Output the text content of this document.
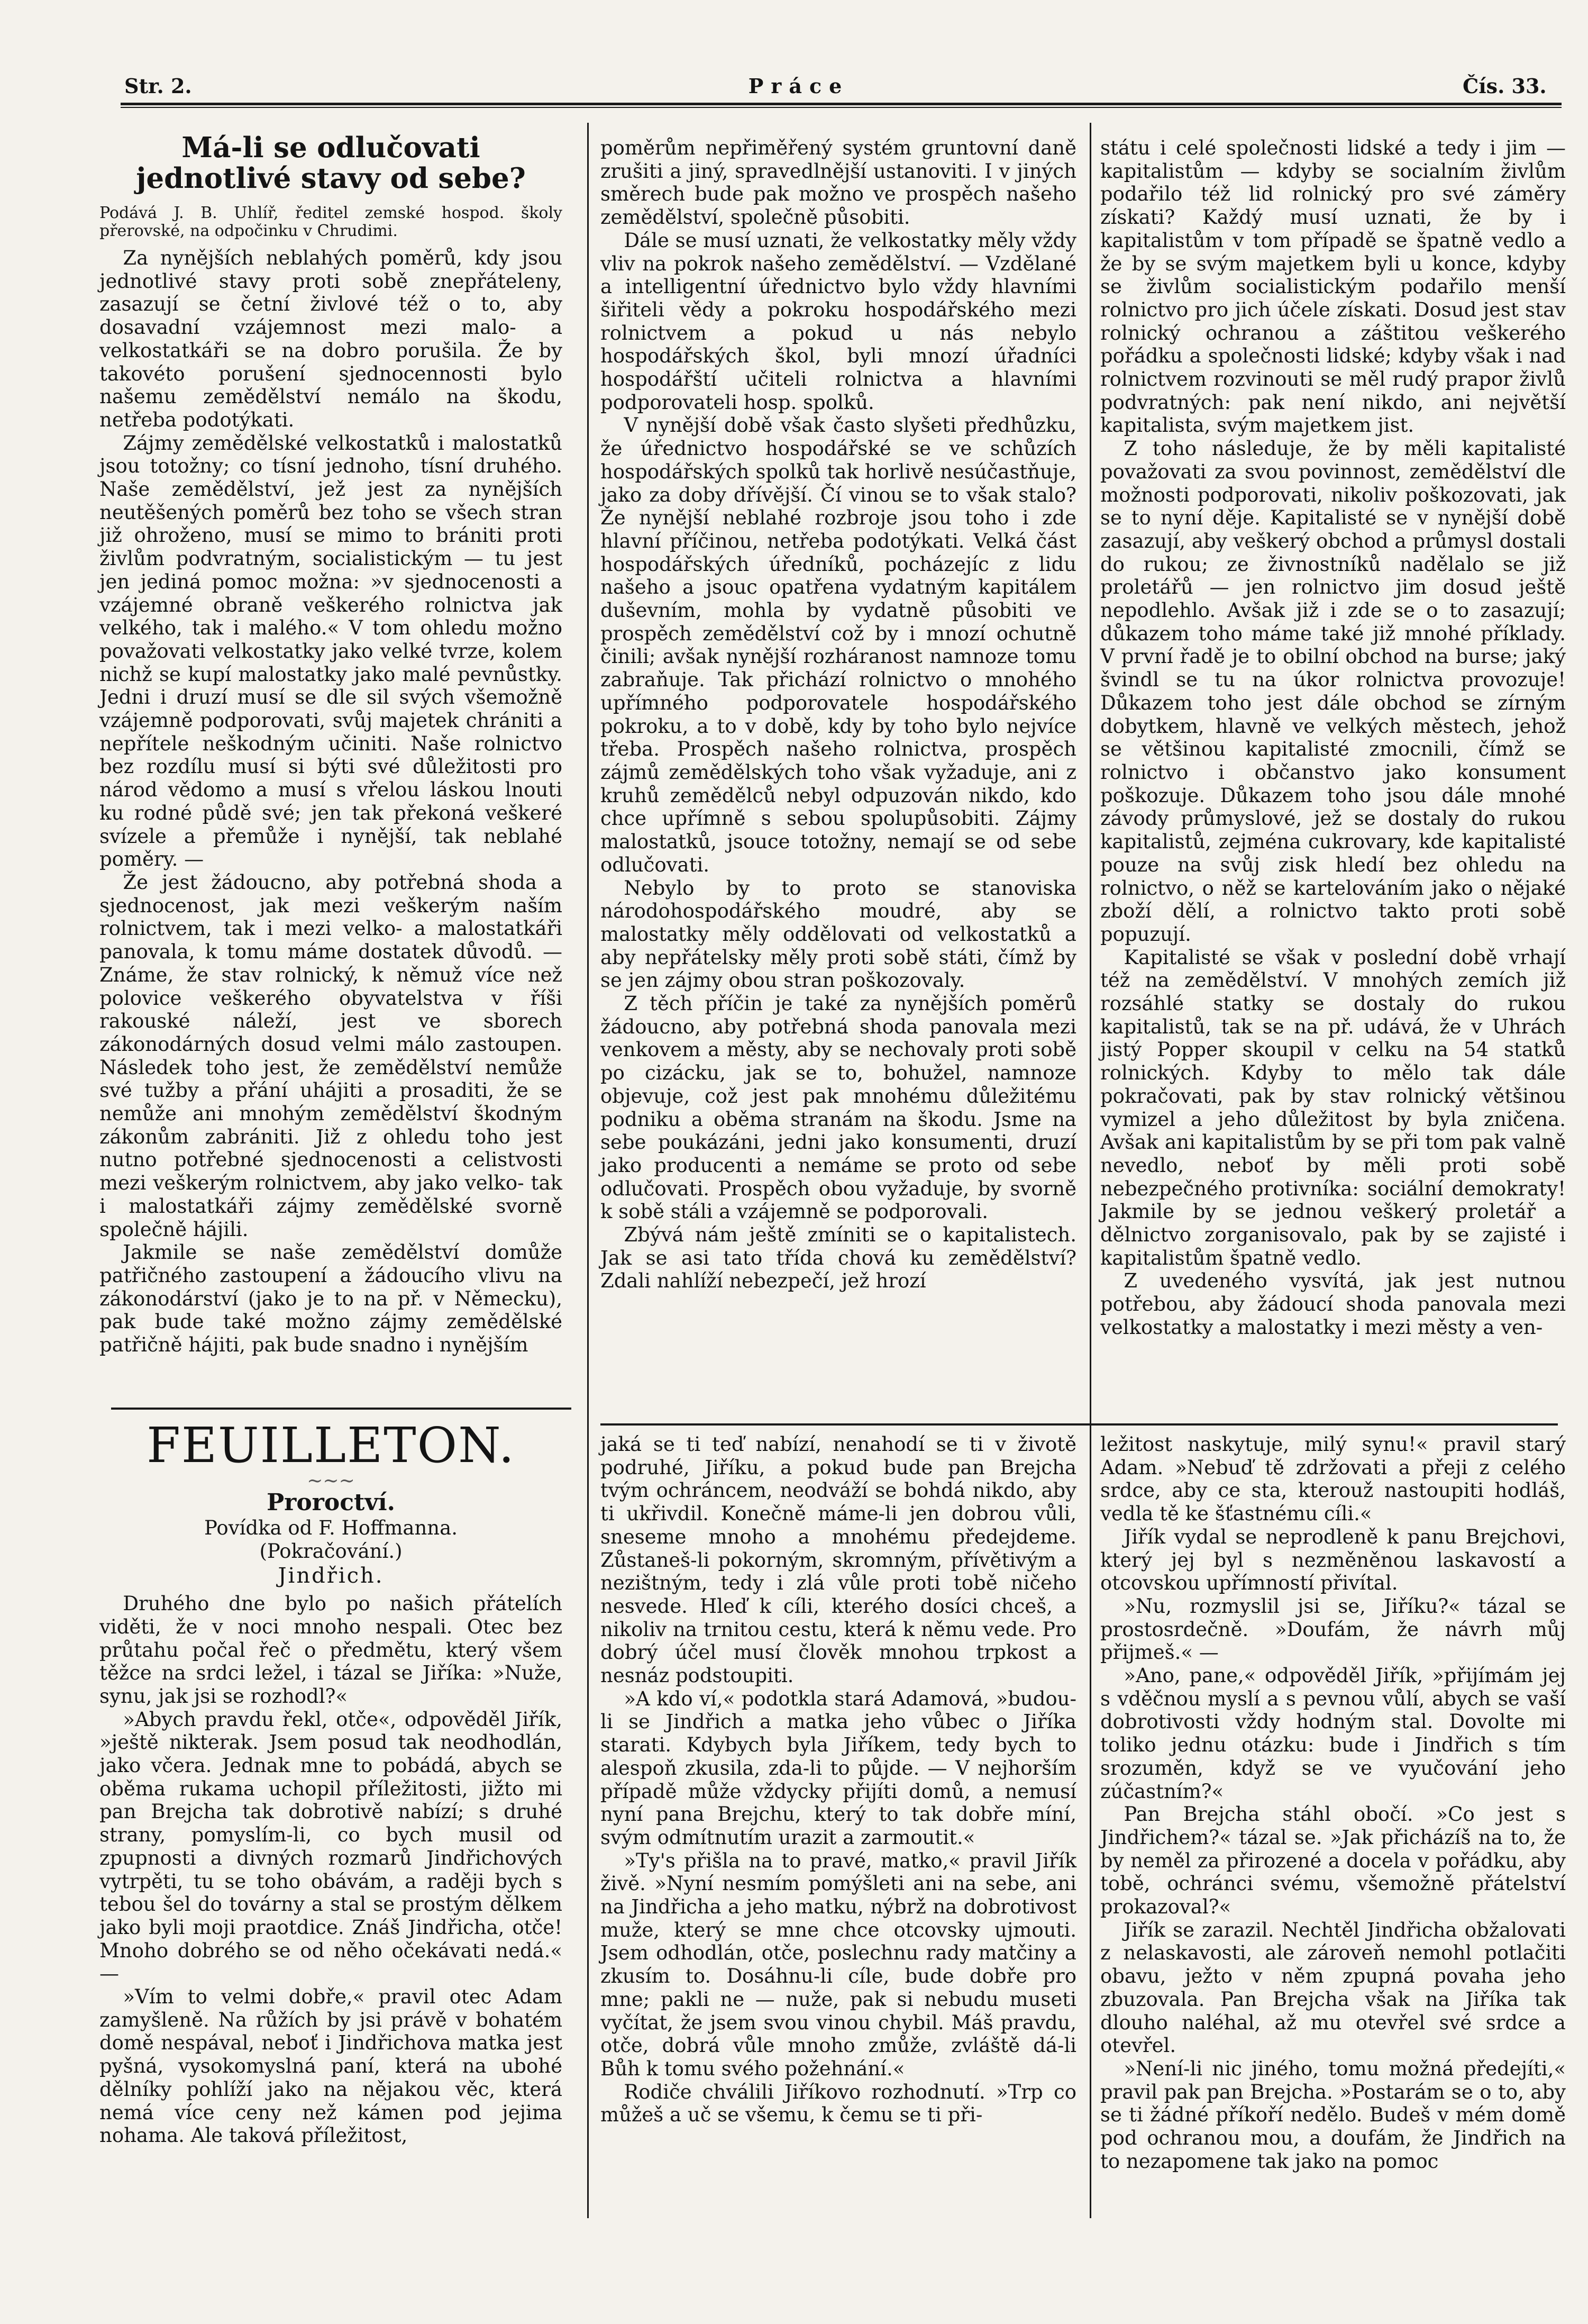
Str. 2.	Práce	Čís. 33.
Má-li se odlučovati jednotlivé stavy od sebe?
Podává J. B. Uhlíř, ředitel zemské hospod. školy přerovské, na odpočinku v Chrudimi.

Za nynějších neblahých poměrů, kdy jsou jednotlivé stavy proti sobě znepřáteleny, zasazují se četní živlové též o to, aby dosavadní vzájemnost mezi malo- a velkostatkáři se na dobro porušila. Že by takovéto porušení sjednocennosti bylo našemu zemědělství nemálo na škodu, netřeba podotýkati.

Zájmy zemědělské velkostatků i malostatků jsou totožny; co tísní jednoho, tísní druhého. Naše zemědělství, jež jest za nynějších neutěšených poměrů bez toho se všech stran již ohroženo, musí se mimo to brániti proti živlům podvratným, socialistickým — tu jest jen jediná pomoc možna: »v sjednocenosti a vzájemné obraně veškerého rolnictva jak velkého, tak i malého.« V tom ohledu možno považovati velkostatky jako velké tvrze, kolem nichž se kupí malostatky jako malé pevnůstky. Jedni i druzí musí se dle sil svých všemožně vzájemně podporovati, svůj majetek chrániti a nepřítele neškodným učiniti. Naše rolnictvo bez rozdílu musí si býti své důležitosti pro národ vědomo a musí s vřelou láskou lnouti ku rodné půdě své; jen tak překoná veškeré svízele a přemůže i nynější, tak neblahé poměry. —

Že jest žádoucno, aby potřebná shoda a sjednocenost, jak mezi veškerým naším rolnictvem, tak i mezi velko- a malostatkáři panovala, k tomu máme dostatek důvodů. — Známe, že stav rolnický, k němuž více než polovice veškerého obyvatelstva v říši rakouské náleží, jest ve sborech zákonodárných dosud velmi málo zastoupen. Následek toho jest, že zemědělství nemůže své tužby a přání uhájiti a prosaditi, že se nemůže ani mnohým zemědělství škodným zákonům zabrániti. Již z ohledu toho jest nutno potřebné sjednocenosti a celistvosti mezi veškerým rolnictvem, aby jako velko- tak i malostatkáři zájmy zemědělské svorně společně hájili.

Jakmile se naše zemědělství domůže patřičného zastoupení a žádoucího vlivu na zákonodárství (jako je to na př. v Německu), pak bude také možno zájmy zemědělské patřičně hájiti, pak bude snadno i nynějším

poměrům nepřiměřený systém gruntovní daně zrušiti a jiný, spravedlnější ustanoviti. I v jiných směrech bude pak možno ve prospěch našeho zemědělství, společně působiti.

Dále se musí uznati, že velkostatky měly vždy vliv na pokrok našeho zemědělství. — Vzdělané a intelligentní úřednictvo bylo vždy hlavními šiřiteli vědy a pokroku hospodářského mezi rolnictvem a pokud u nás nebylo hospodářských škol, byli mnozí úřadníci hospodářští učiteli rolnictva a hlavními podporovateli hosp. spolků.

V nynější době však často slyšeti předhůzku, že úřednictvo hospodářské se ve schůzích hospodářských spolků tak horlivě nesúčastňuje, jako za doby dřívější. Čí vinou se to však stalo? Že nynější neblahé rozbroje jsou toho i zde hlavní příčinou, netřeba podotýkati. Velká část hospodářských úředníků, pocházejíc z lidu našeho a jsouc opatřena vydatným kapitálem duševním, mohla by vydatně působiti ve prospěch zemědělství což by i mnozí ochutně činili; avšak nynější rozháranost namnoze tomu zabraňuje. Tak přichází rolnictvo o mnohého upřímného podporovatele hospodářského pokroku, a to v době, kdy by toho bylo nejvíce třeba. Prospěch našeho rolnictva, prospěch zájmů zemědělských toho však vyžaduje, ani z kruhů zemědělců nebyl odpuzován nikdo, kdo chce upřímně s sebou spolupůsobiti. Zájmy malostatků, jsouce totožny, nemají se od sebe odlučovati.

Nebylo by to proto se stanoviska národohospodářského moudré, aby se malostatky měly oddělovati od velkostatků a aby nepřátelsky měly proti sobě státi, čímž by se jen zájmy obou stran poškozovaly.

Z těch příčin je také za nynějších poměrů žádoucno, aby potřebná shoda panovala mezi venkovem a městy, aby se nechovaly proti sobě po cizácku, jak se to, bohužel, namnoze objevuje, což jest pak mnohému důležitému podniku a oběma stranám na škodu. Jsme na sebe poukázáni, jedni jako konsumenti, druzí jako producenti a nemáme se proto od sebe odlučovati. Prospěch obou vyžaduje, by svorně k sobě stáli a vzájemně se podporovali.

Zbývá nám ještě zmíniti se o kapitalistech. Jak se asi tato třída chová ku zemědělství? Zdali nahlíží nebezpečí, jež hrozí

státu i celé společnosti lidské a tedy i jim — kapitalistům — kdyby se socialním živlům podařilo též lid rolnický pro své záměry získati? Každý musí uznati, že by i kapitalistům v tom případě se špatně vedlo a že by se svým majetkem byli u konce, kdyby se živlům socialistickým podařilo menší rolnictvo pro jich účele získati. Dosud jest stav rolnický ochranou a záštitou veškerého pořádku a společnosti lidské; kdyby však i nad rolnictvem rozvinouti se měl rudý prapor živlů podvratných: pak není nikdo, ani největší kapitalista, svým majetkem jist.

Z toho následuje, že by měli kapitalisté považovati za svou povinnost, zemědělství dle možnosti podporovati, nikoliv poškozovati, jak se to nyní děje. Kapitalisté se v nynější době zasazují, aby veškerý obchod a průmysl dostali do rukou; ze živnostníků nadělalo se již proletářů — jen rolnictvo jim dosud ještě nepodlehlo. Avšak již i zde se o to zasazují; důkazem toho máme také již mnohé příklady. V první řadě je to obilní obchod na burse; jaký švindl se tu na úkor rolnictva provozuje! Důkazem toho jest dále obchod se zírným dobytkem, hlavně ve velkých městech, jehož se většinou kapitalisté zmocnili, čímž se rolnictvo i občanstvo jako konsument poškozuje. Důkazem toho jsou dále mnohé závody průmyslové, jež se dostaly do rukou kapitalistů, zejména cukrovary, kde kapitalisté pouze na svůj zisk hledí bez ohledu na rolnictvo, o něž se kartelováním jako o nějaké zboží dělí, a rolnictvo takto proti sobě popuzují.

Kapitalisté se však v poslední době vrhají též na zemědělství. V mnohých zemích již rozsáhlé statky se dostaly do rukou kapitalistů, tak se na př. udává, že v Uhrách jistý Popper skoupil v celku na 54 statků rolnických. Kdyby to mělo tak dále pokračovati, pak by stav rolnický většinou vymizel a jeho důležitost by byla zničena. Avšak ani kapitalistům by se při tom pak valně nevedlo, neboť by měli proti sobě nebezpečného protivníka: sociální demokraty! Jakmile by se jednou veškerý proletář a dělnictvo zorganisovalo, pak by se zajisté i kapitalistům špatně vedlo.

Z uvedeného vysvítá, jak jest nutnou potřebou, aby žádoucí shoda panovala mezi velkostatky a malostatky i mezi městy a ven-

FEUILLETON.
~~~
Proroctví.

Povídka od F. Hoffmanna.

(Pokračování.)

Jindřich.

Druhého dne bylo po našich přátelích viděti, že v noci mnoho nespali. Otec bez průtahu počal řeč o předmětu, který všem těžce na srdci ležel, i tázal se Jiříka: »Nuže, synu, jak jsi se rozhodl?«

»Abych pravdu řekl, otče«, odpověděl Jiřík, »ještě nikterak. Jsem posud tak neodhodlán, jako včera. Jednak mne to pobádá, abych se oběma rukama uchopil příležitosti, jižto mi pan Brejcha tak dobrotivě nabízí; s druhé strany, pomyslím-li, co bych musil od zpupnosti a divných rozmarů Jindřichových vytrpěti, tu se toho obávám, a raději bych s tebou šel do továrny a stal se prostým dělkem jako byli moji praotdice. Znáš Jindřicha, otče! Mnoho dobrého se od něho očekávati nedá.« —

»Vím to velmi dobře,« pravil otec Adam zamyšleně. Na růžích by jsi právě v bohatém domě nespával, neboť i Jindřichova matka jest pyšná, vysokomyslná paní, která na ubohé dělníky pohlíží jako na nějakou věc, která nemá více ceny než kámen pod jejima nohama. Ale taková příležitost,

jaká se ti teď nabízí, nenahodí se ti v životě podruhé, Jiříku, a pokud bude pan Brejcha tvým ochráncem, neodváží se bohdá nikdo, aby ti ukřivdil. Konečně máme-li jen dobrou vůli, sneseme mnoho a mnohému předejdeme. Zůstaneš-li pokorným, skromným, přívětivým a nezištným, tedy i zlá vůle proti tobě ničeho nesvede. Hleď k cíli, kterého dosíci chceš, a nikoliv na trnitou cestu, která k němu vede. Pro dobrý účel musí člověk mnohou trpkost a nesnáz podstoupiti.

»A kdo ví,« podotkla stará Adamová, »budou-li se Jindřich a matka jeho vůbec o Jiříka starati. Kdybych byla Jiříkem, tedy bych to alespoň zkusila, zda-li to půjde. — V nejhorším případě může vždycky přijíti domů, a nemusí nyní pana Brejchu, který to tak dobře míní, svým odmítnutím urazit a zarmoutit.«

»Ty's přišla na to pravé, matko,« pravil Jiřík živě. »Nyní nesmím pomýšleti ani na sebe, ani na Jindřicha a jeho matku, nýbrž na dobrotivost muže, který se mne chce otcovsky ujmouti. Jsem odhodlán, otče, poslechnu rady matčiny a zkusím to. Dosáhnu-li cíle, bude dobře pro mne; pakli ne — nuže, pak si nebudu museti vyčítat, že jsem svou vinou chybil. Máš pravdu, otče, dobrá vůle mnoho zmůže, zvláště dá-li Bůh k tomu svého požehnání.«

Rodiče chválili Jiříkovo rozhodnutí. »Trp co můžeš a uč se všemu, k čemu se ti při-

ležitost naskytuje, milý synu!« pravil starý Adam. »Nebuď tě zdržovati a přeji z celého srdce, aby ce sta, kterouž nastoupiti hodláš, vedla tě ke šťastnému cíli.«

Jiřík vydal se neprodleně k panu Brejchovi, který jej byl s nezměněnou laskavostí a otcovskou upřímností přivítal.

»Nu, rozmyslil jsi se, Jiříku?« tázal se prostosrdečně. »Doufám, že návrh můj přijmeš.« —

»Ano, pane,« odpověděl Jiřík, »přijímám jej s vděčnou myslí a s pevnou vůlí, abych se vaší dobrotivosti vždy hodným stal. Dovolte mi toliko jednu otázku: bude i Jindřich s tím srozuměn, když se ve vyučování jeho zúčastním?«

Pan Brejcha stáhl obočí. »Co jest s Jindřichem?« tázal se. »Jak přicházíš na to, že by neměl za přirozené a docela v pořádku, aby tobě, ochránci svému, všemožně přátelství prokazoval?«

Jiřík se zarazil. Nechtěl Jindřicha obžalovati z nelaskavosti, ale zároveň nemohl potlačiti obavu, ježto v něm zpupná povaha jeho zbuzovala. Pan Brejcha však na Jiříka tak dlouho naléhal, až mu otevřel své srdce a otevřel.

»Není-li nic jiného, tomu možná předejíti,« pravil pak pan Brejcha. »Postarám se o to, aby se ti žádné příkoří nedělo. Budeš v mém domě pod ochranou mou, a doufám, že Jindřich na to nezapomene tak jako na pomoc
